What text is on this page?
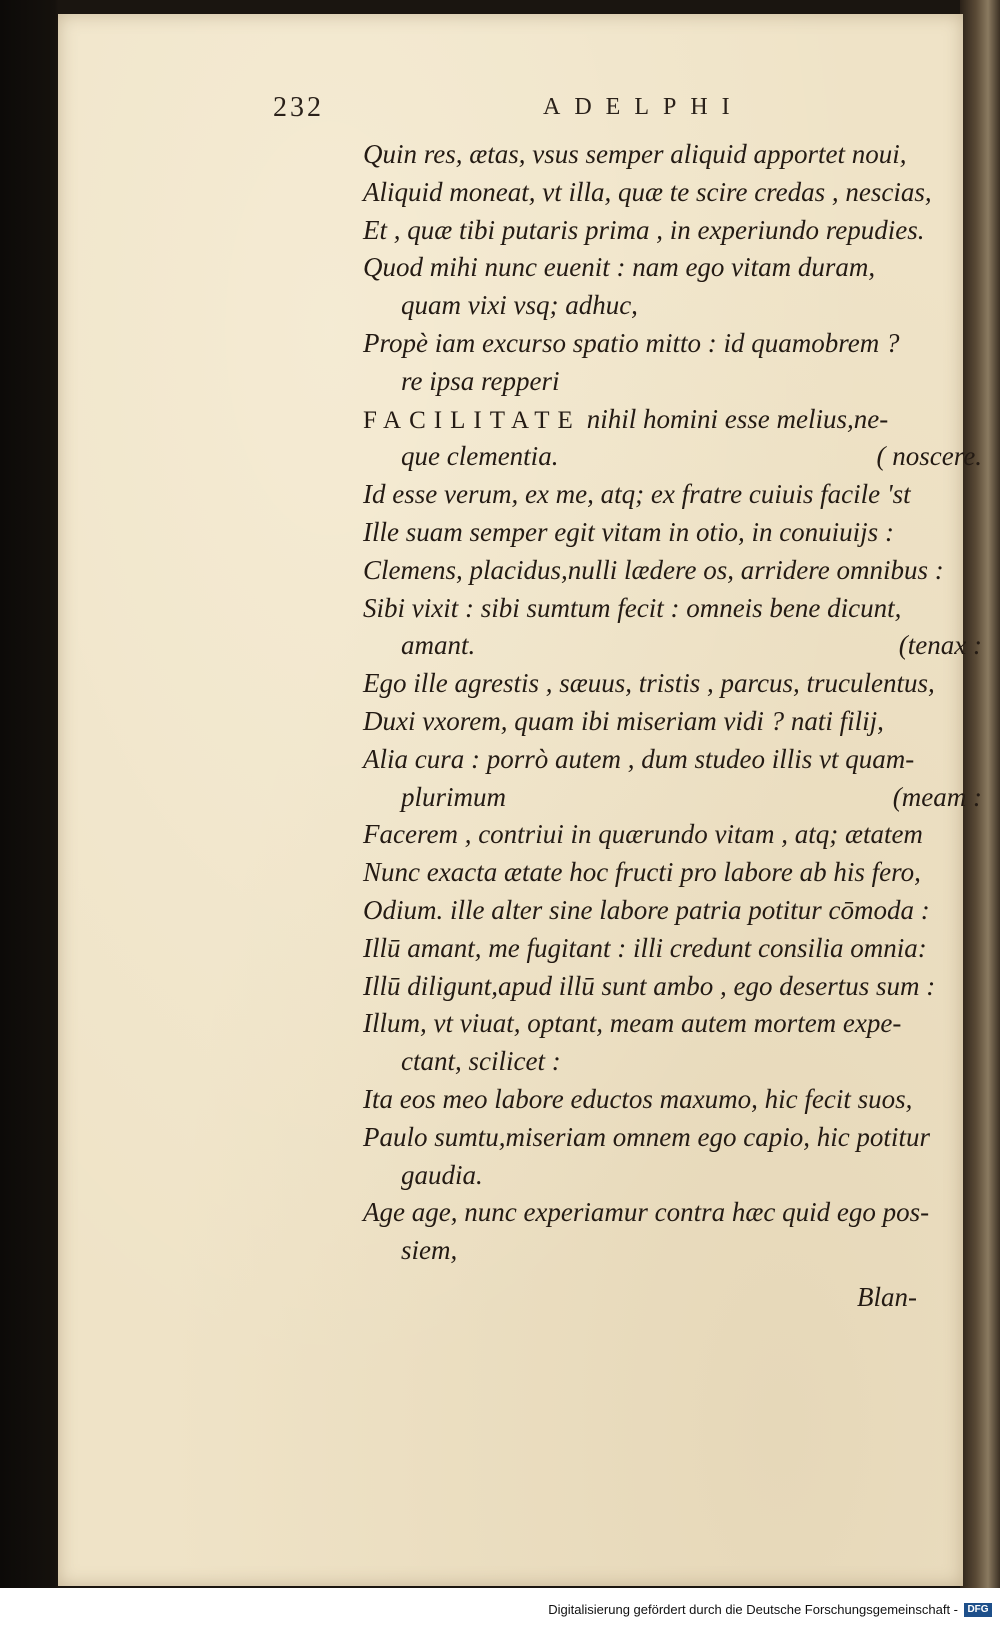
232	ADELPHI
Quin res, ætas, vsus semper aliquid apportet noui,
Aliquid moneat, vt illa, quæ te scire credas , nescias,
Et , quæ tibi putaris prima , in experiundo repudies.
Quod mihi nunc euenit : nam ego vitam duram,
quam vixi vsq; adhuc,
Propè iam excurso spatio mitto : id quamobrem ?
re ipsa repperi
FACILITATE nihil homini esse melius,ne-
que clementia.	( noscere.
Id esse verum, ex me, atq; ex fratre cuiuis facile 'st
Ille suam semper egit vitam in otio, in conuiuijs :
Clemens, placidus,nulli lædere os, arridere omnibus :
Sibi vixit : sibi sumtum fecit : omneis bene dicunt,
amant.	(tenax :
Ego ille agrestis , sæuus, tristis , parcus, truculentus,
Duxi vxorem, quam ibi miseriam vidi ? nati filij,
Alia cura : porrò autem , dum studeo illis vt quam-
plurimum	(meam :
Facerem , contriui in quærundo vitam , atq; ætatem
Nunc exacta ætate hoc fructi pro labore ab his fero,
Odium. ille alter sine labore patria potitur cōmoda :
Illū amant, me fugitant : illi credunt consilia omnia:
Illū diligunt,apud illū sunt ambo , ego desertus sum :
Illum, vt viuat, optant, meam autem mortem expe-
ctant, scilicet :
Ita eos meo labore eductos maxumo, hic fecit suos,
Paulo sumtu,miseriam omnem ego capio, hic potitur
gaudia.
Age age, nunc experiamur contra hæc quid ego pos-
siem,
Blan-
Digitalisierung gefördert durch die Deutsche Forschungsgemeinschaft - DFG
